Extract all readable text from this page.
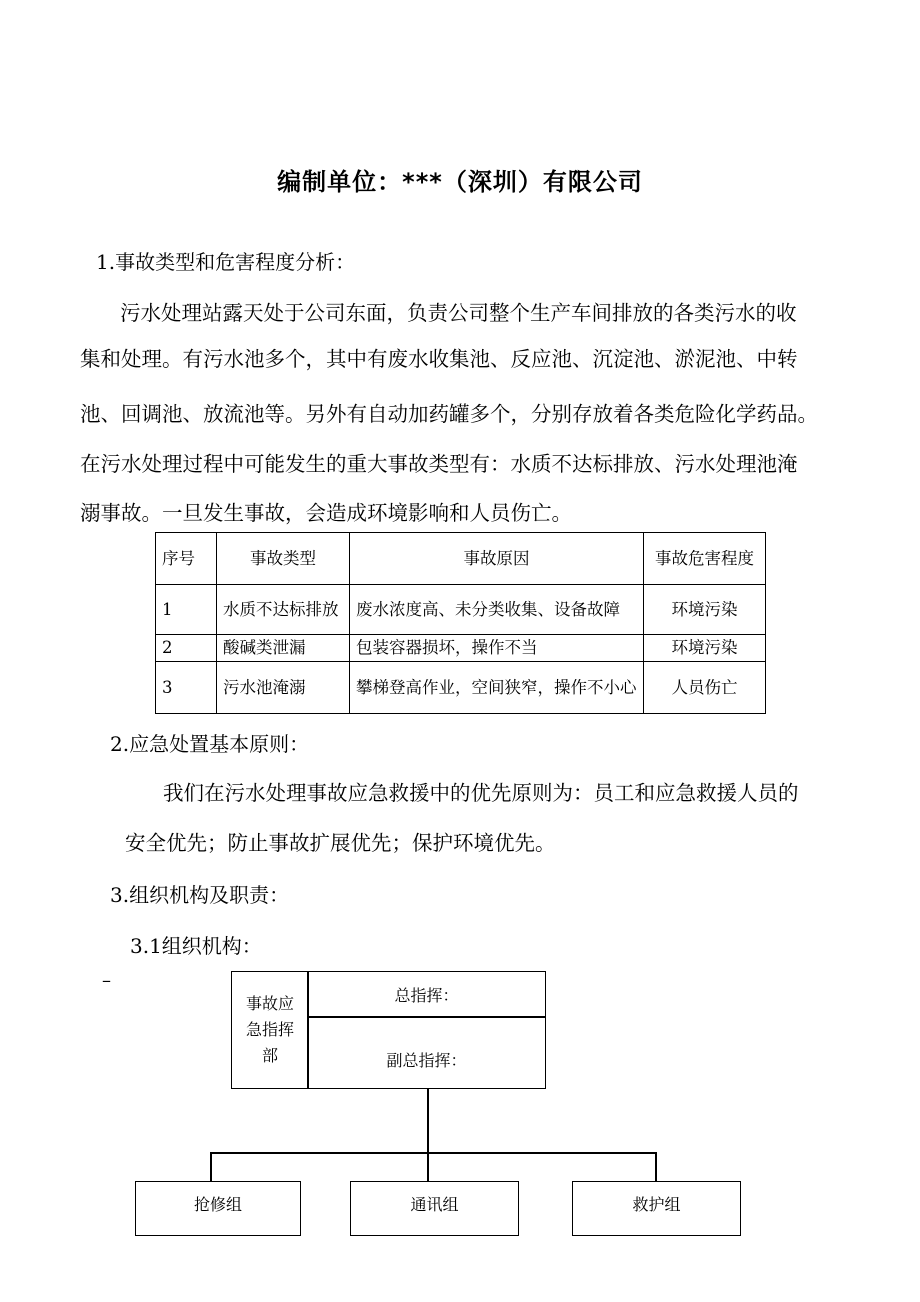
编制单位：***（深圳）有限公司
1.事故类型和危害程度分析：
污水处理站露天处于公司东面，负责公司整个生产车间排放的各类污水的收
集和处理。有污水池多个，其中有废水收集池、反应池、沉淀池、淤泥池、中转
池、回调池、放流池等。另外有自动加药罐多个，分别存放着各类危险化学药品。
在污水处理过程中可能发生的重大事故类型有：水质不达标排放、污水处理池淹
溺事故。一旦发生事故，会造成环境影响和人员伤亡。
序号	事故类型	事故原因	事故危害程度
1	水质不达标排放	废水浓度高、未分类收集、设备故障	环境污染
2	酸碱类泄漏	包装容器损坏，操作不当	环境污染
3	污水池淹溺	攀梯登高作业，空间狭窄，操作不小心	人员伤亡
2.应急处置基本原则：
我们在污水处理事故应急救援中的优先原则为：员工和应急救援人员的
安全优先；防止事故扩展优先；保护环境优先。
3.组织机构及职责：
3.1组织机构：
–
事故应急指挥部
总指挥：
副总指挥：
抢修组	通讯组	救护组
